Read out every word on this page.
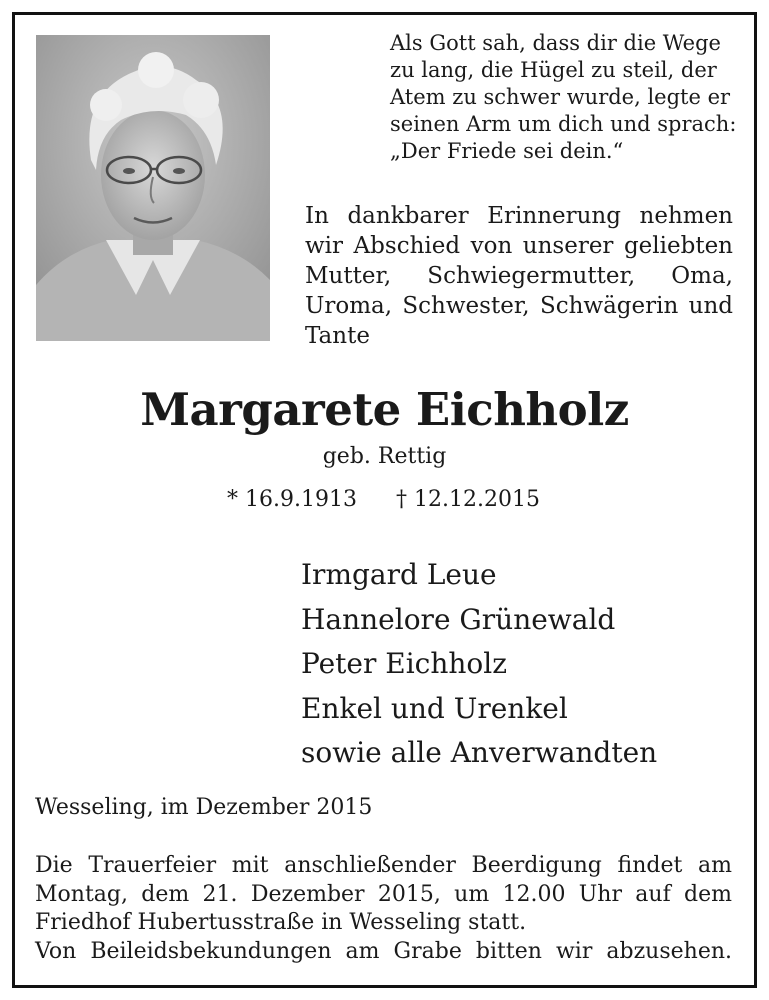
Als Gott sah, dass dir die Wege
zu lang, die Hügel zu steil, der
Atem zu schwer wurde, legte er
seinen Arm um dich und sprach:
„Der Friede sei dein.“
In dankbarer Erinnerung nehmen
wir Abschied von unserer geliebten
Mutter, Schwiegermutter, Oma,
Uroma, Schwester, Schwägerin und
Tante
Margarete Eichholz
geb. Rettig
* 16.9.1913 † 12.12.2015
Irmgard Leue
Hannelore Grünewald
Peter Eichholz
Enkel und Urenkel
sowie alle Anverwandten
Wesseling, im Dezember 2015
Die Trauerfeier mit anschließender Beerdigung findet am
Montag, dem 21. Dezember 2015, um 12.00 Uhr auf dem
Friedhof Hubertusstraße in Wesseling statt.
Von Beileidsbekundungen am Grabe bitten wir abzusehen.
